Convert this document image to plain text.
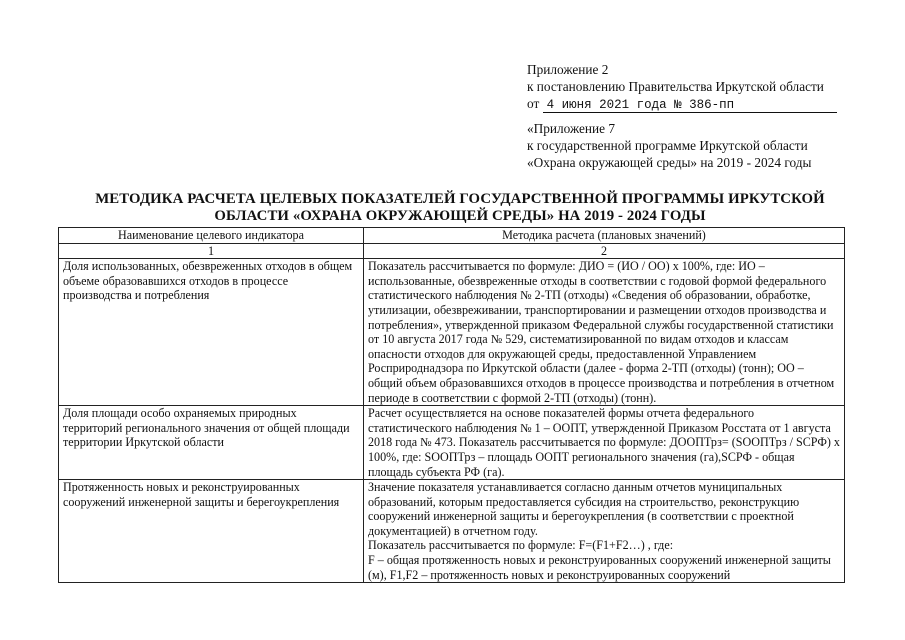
Приложение 2
к постановлению Правительства Иркутской области
от 4 июня 2021 года № 386-пп
«Приложение 7
к государственной программе Иркутской области
«Охрана окружающей среды» на 2019 - 2024 годы
МЕТОДИКА РАСЧЕТА ЦЕЛЕВЫХ ПОКАЗАТЕЛЕЙ ГОСУДАРСТВЕННОЙ ПРОГРАММЫ ИРКУТСКОЙ
ОБЛАСТИ «ОХРАНА ОКРУЖАЮЩЕЙ СРЕДЫ» НА 2019 - 2024 ГОДЫ
Наименование целевого индикатора	Методика расчета (плановых значений)
1	2
Доля использованных, обезвреженных отходов в общем объеме образовавшихся отходов в процессе производства и потребления	Показатель рассчитывается по формуле: ДИО = (ИО / ОО) х 100%, где: ИО – использованные, обезвреженные отходы в соответствии с годовой формой федерального статистического наблюдения № 2-ТП (отходы) «Сведения об образовании, обработке, утилизации, обезвреживании, транспортировании и размещении отходов производства и потребления», утвержденной приказом Федеральной службы государственной статистики от 10 августа 2017 года № 529, систематизированной по видам отходов и классам опасности отходов для окружающей среды, предоставленной Управлением Росприроднадзора по Иркутской области (далее - форма 2-ТП (отходы) (тонн); ОО – общий объем образовавшихся отходов в процессе производства и потребления в отчетном периоде в соответствии с формой 2-ТП (отходы) (тонн).

Доля площади особо охраняемых природных территорий регионального значения от общей площади территории Иркутской области	Расчет осуществляется на основе показателей формы отчета федерального статистического наблюдения № 1 – ООПТ, утвержденной Приказом Росстата от 1 августа 2018 года № 473. Показатель рассчитывается по формуле: ДООПТрз= (SООПТрз / SСРФ) х 100%, где: SООПТрз – площадь ООПТ регионального значения (га),SСРФ - общая площадь субъекта РФ (га).

Протяженность новых и реконструированных сооружений инженерной защиты и берегоукрепления	Значение показателя устанавливается согласно данным отчетов муниципальных образований, которым предоставляется субсидия на строительство, реконструкцию сооружений инженерной защиты и берегоукрепления (в соответствии с проектной документацией) в отчетном году.
Показатель рассчитывается по формуле: F=(F1+F2…) , где:
F – общая протяженность новых и реконструированных сооружений инженерной защиты (м), F1,F2 – протяженность новых и реконструированных сооружений
